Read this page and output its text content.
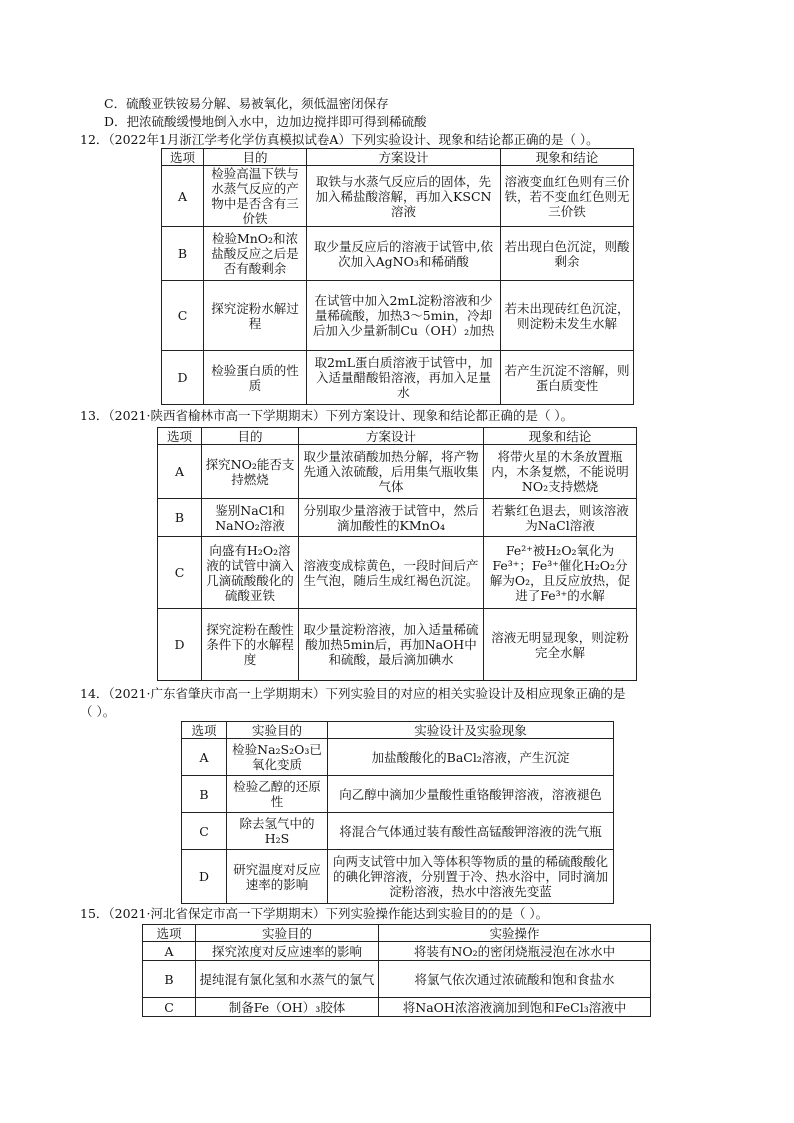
C．硫酸亚铁铵易分解、易被氧化，须低温密闭保存
D．把浓硫酸缓慢地倒入水中，边加边搅拌即可得到稀硫酸
12．（2022年1月浙江学考化学仿真模拟试卷A）下列实验设计、现象和结论都正确的是（ ）。
选项	目的	方案设计	现象和结论
A	检验高温下铁与水蒸气反应的产物中是否含有三价铁	取铁与水蒸气反应后的固体，先加入稀盐酸溶解，再加入KSCN溶液	溶液变血红色则有三价铁，若不变血红色则无三价铁
B	检验MnO₂和浓盐酸反应之后是否有酸剩余	取少量反应后的溶液于试管中,依次加入AgNO₃和稀硝酸	若出现白色沉淀，则酸剩余
C	探究淀粉水解过程	在试管中加入2mL淀粉溶液和少量稀硫酸，加热3～5min，冷却后加入少量新制Cu（OH）₂加热	若未出现砖红色沉淀，则淀粉未发生水解
D	检验蛋白质的性质	取2mL蛋白质溶液于试管中，加入适量醋酸铅溶液，再加入足量水	若产生沉淀不溶解，则蛋白质变性
13．（2021·陕西省榆林市高一下学期期末）下列方案设计、现象和结论都正确的是（ ）。
选项	目的	方案设计	现象和结论
A	探究NO₂能否支持燃烧	取少量浓硝酸加热分解，将产物先通入浓硫酸，后用集气瓶收集气体	将带火星的木条放置瓶内，木条复燃，不能说明NO₂支持燃烧
B	鉴别NaCl和NaNO₂溶液	分别取少量溶液于试管中，然后滴加酸性的KMnO₄	若紫红色退去，则该溶液为NaCl溶液
C	向盛有H₂O₂溶液的试管中滴入几滴硫酸酸化的硫酸亚铁	溶液变成棕黄色，一段时间后产生气泡，随后生成红褐色沉淀。	Fe²⁺被H₂O₂氧化为Fe³⁺；Fe³⁺催化H₂O₂分解为O₂，且反应放热，促进了Fe³⁺的水解
D	探究淀粉在酸性条件下的水解程度	取少量淀粉溶液，加入适量稀硫酸加热5min后，再加NaOH中和硫酸，最后滴加碘水	溶液无明显现象，则淀粉完全水解
14．（2021·广东省肇庆市高一上学期期末）下列实验目的对应的相关实验设计及相应现象正确的是
（ ）。
选项	实验目的	实验设计及实验现象
A	检验Na₂S₂O₃已氧化变质	加盐酸酸化的BaCl₂溶液，产生沉淀
B	检验乙醇的还原性	向乙醇中滴加少量酸性重铬酸钾溶液，溶液褪色
C	除去氢气中的H₂S	将混合气体通过装有酸性高锰酸钾溶液的洗气瓶
D	研究温度对反应速率的影响	向两支试管中加入等体积等物质的量的稀硫酸酸化的碘化钾溶液，分别置于冷、热水浴中，同时滴加淀粉溶液，热水中溶液先变蓝
15．（2021·河北省保定市高一下学期期末）下列实验操作能达到实验目的的是（ ）。
选项	实验目的	实验操作
A	探究浓度对反应速率的影响	将装有NO₂的密闭烧瓶浸泡在冰水中
B	提纯混有氯化氢和水蒸气的氯气	将氯气依次通过浓硫酸和饱和食盐水
C	制备Fe（OH）₃胶体	将NaOH浓溶液滴加到饱和FeCl₃溶液中
